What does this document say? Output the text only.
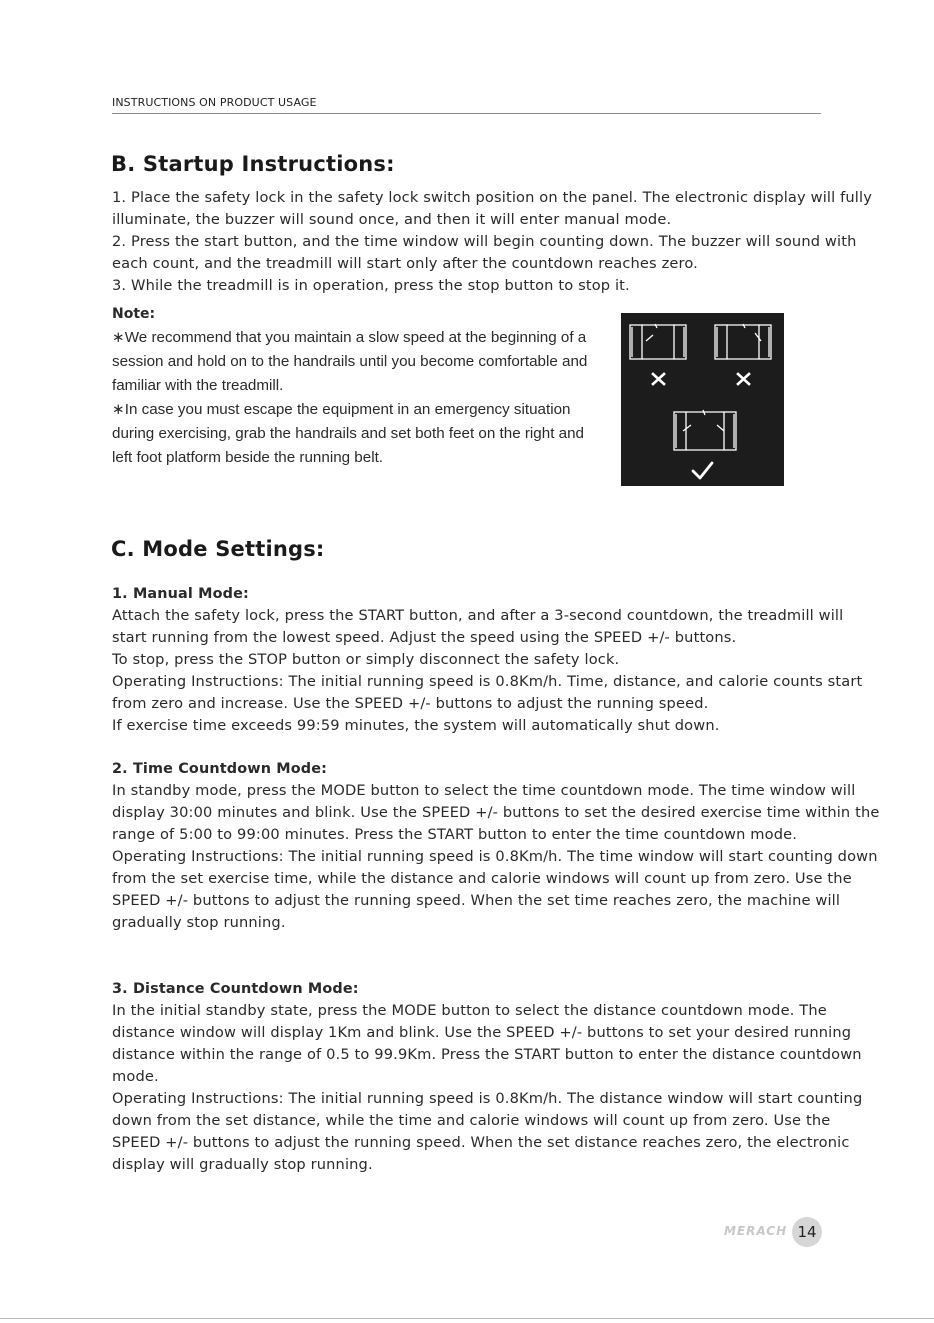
INSTRUCTIONS ON PRODUCT USAGE
B. Startup Instructions:

1. Place the safety lock in the safety lock switch position on the panel. The electronic display will fully illuminate, the buzzer will sound once, and then it will enter manual mode.

2. Press the start button, and the time window will begin counting down. The buzzer will sound with each count, and the treadmill will start only after the countdown reaches zero.

3. While the treadmill is in operation, press the stop button to stop it.

Note:

∗We recommend that you maintain a slow speed at the beginning of a session and hold on to the handrails until you become comfortable and familiar with the treadmill.

∗In case you must escape the equipment in an emergency situation during exercising, grab the handrails and set both feet on the right and left foot platform beside the running belt.

C. Mode Settings:

1. Manual Mode:

Attach the safety lock, press the START button, and after a 3-second countdown, the treadmill will start running from the lowest speed. Adjust the speed using the SPEED +/- buttons.

To stop, press the STOP button or simply disconnect the safety lock.

Operating Instructions: The initial running speed is 0.8Km/h. Time, distance, and calorie counts start from zero and increase. Use the SPEED +/- buttons to adjust the running speed.

If exercise time exceeds 99:59 minutes, the system will automatically shut down.

2. Time Countdown Mode:

In standby mode, press the MODE button to select the time countdown mode. The time window will display 30:00 minutes and blink. Use the SPEED +/- buttons to set the desired exercise time within the range of 5:00 to 99:00 minutes. Press the START button to enter the time countdown mode.

Operating Instructions: The initial running speed is 0.8Km/h. The time window will start counting down from the set exercise time, while the distance and calorie windows will count up from zero. Use the SPEED +/- buttons to adjust the running speed. When the set time reaches zero, the machine will gradually stop running.

3. Distance Countdown Mode:

In the initial standby state, press the MODE button to select the distance countdown mode. The distance window will display 1Km and blink. Use the SPEED +/- buttons to set your desired running distance within the range of 0.5 to 99.9Km. Press the START button to enter the distance countdown mode.

Operating Instructions: The initial running speed is 0.8Km/h. The distance window will start counting down from the set distance, while the time and calorie windows will count up from zero. Use the SPEED +/- buttons to adjust the running speed. When the set distance reaches zero, the electronic display will gradually stop running.

MERACH 14
